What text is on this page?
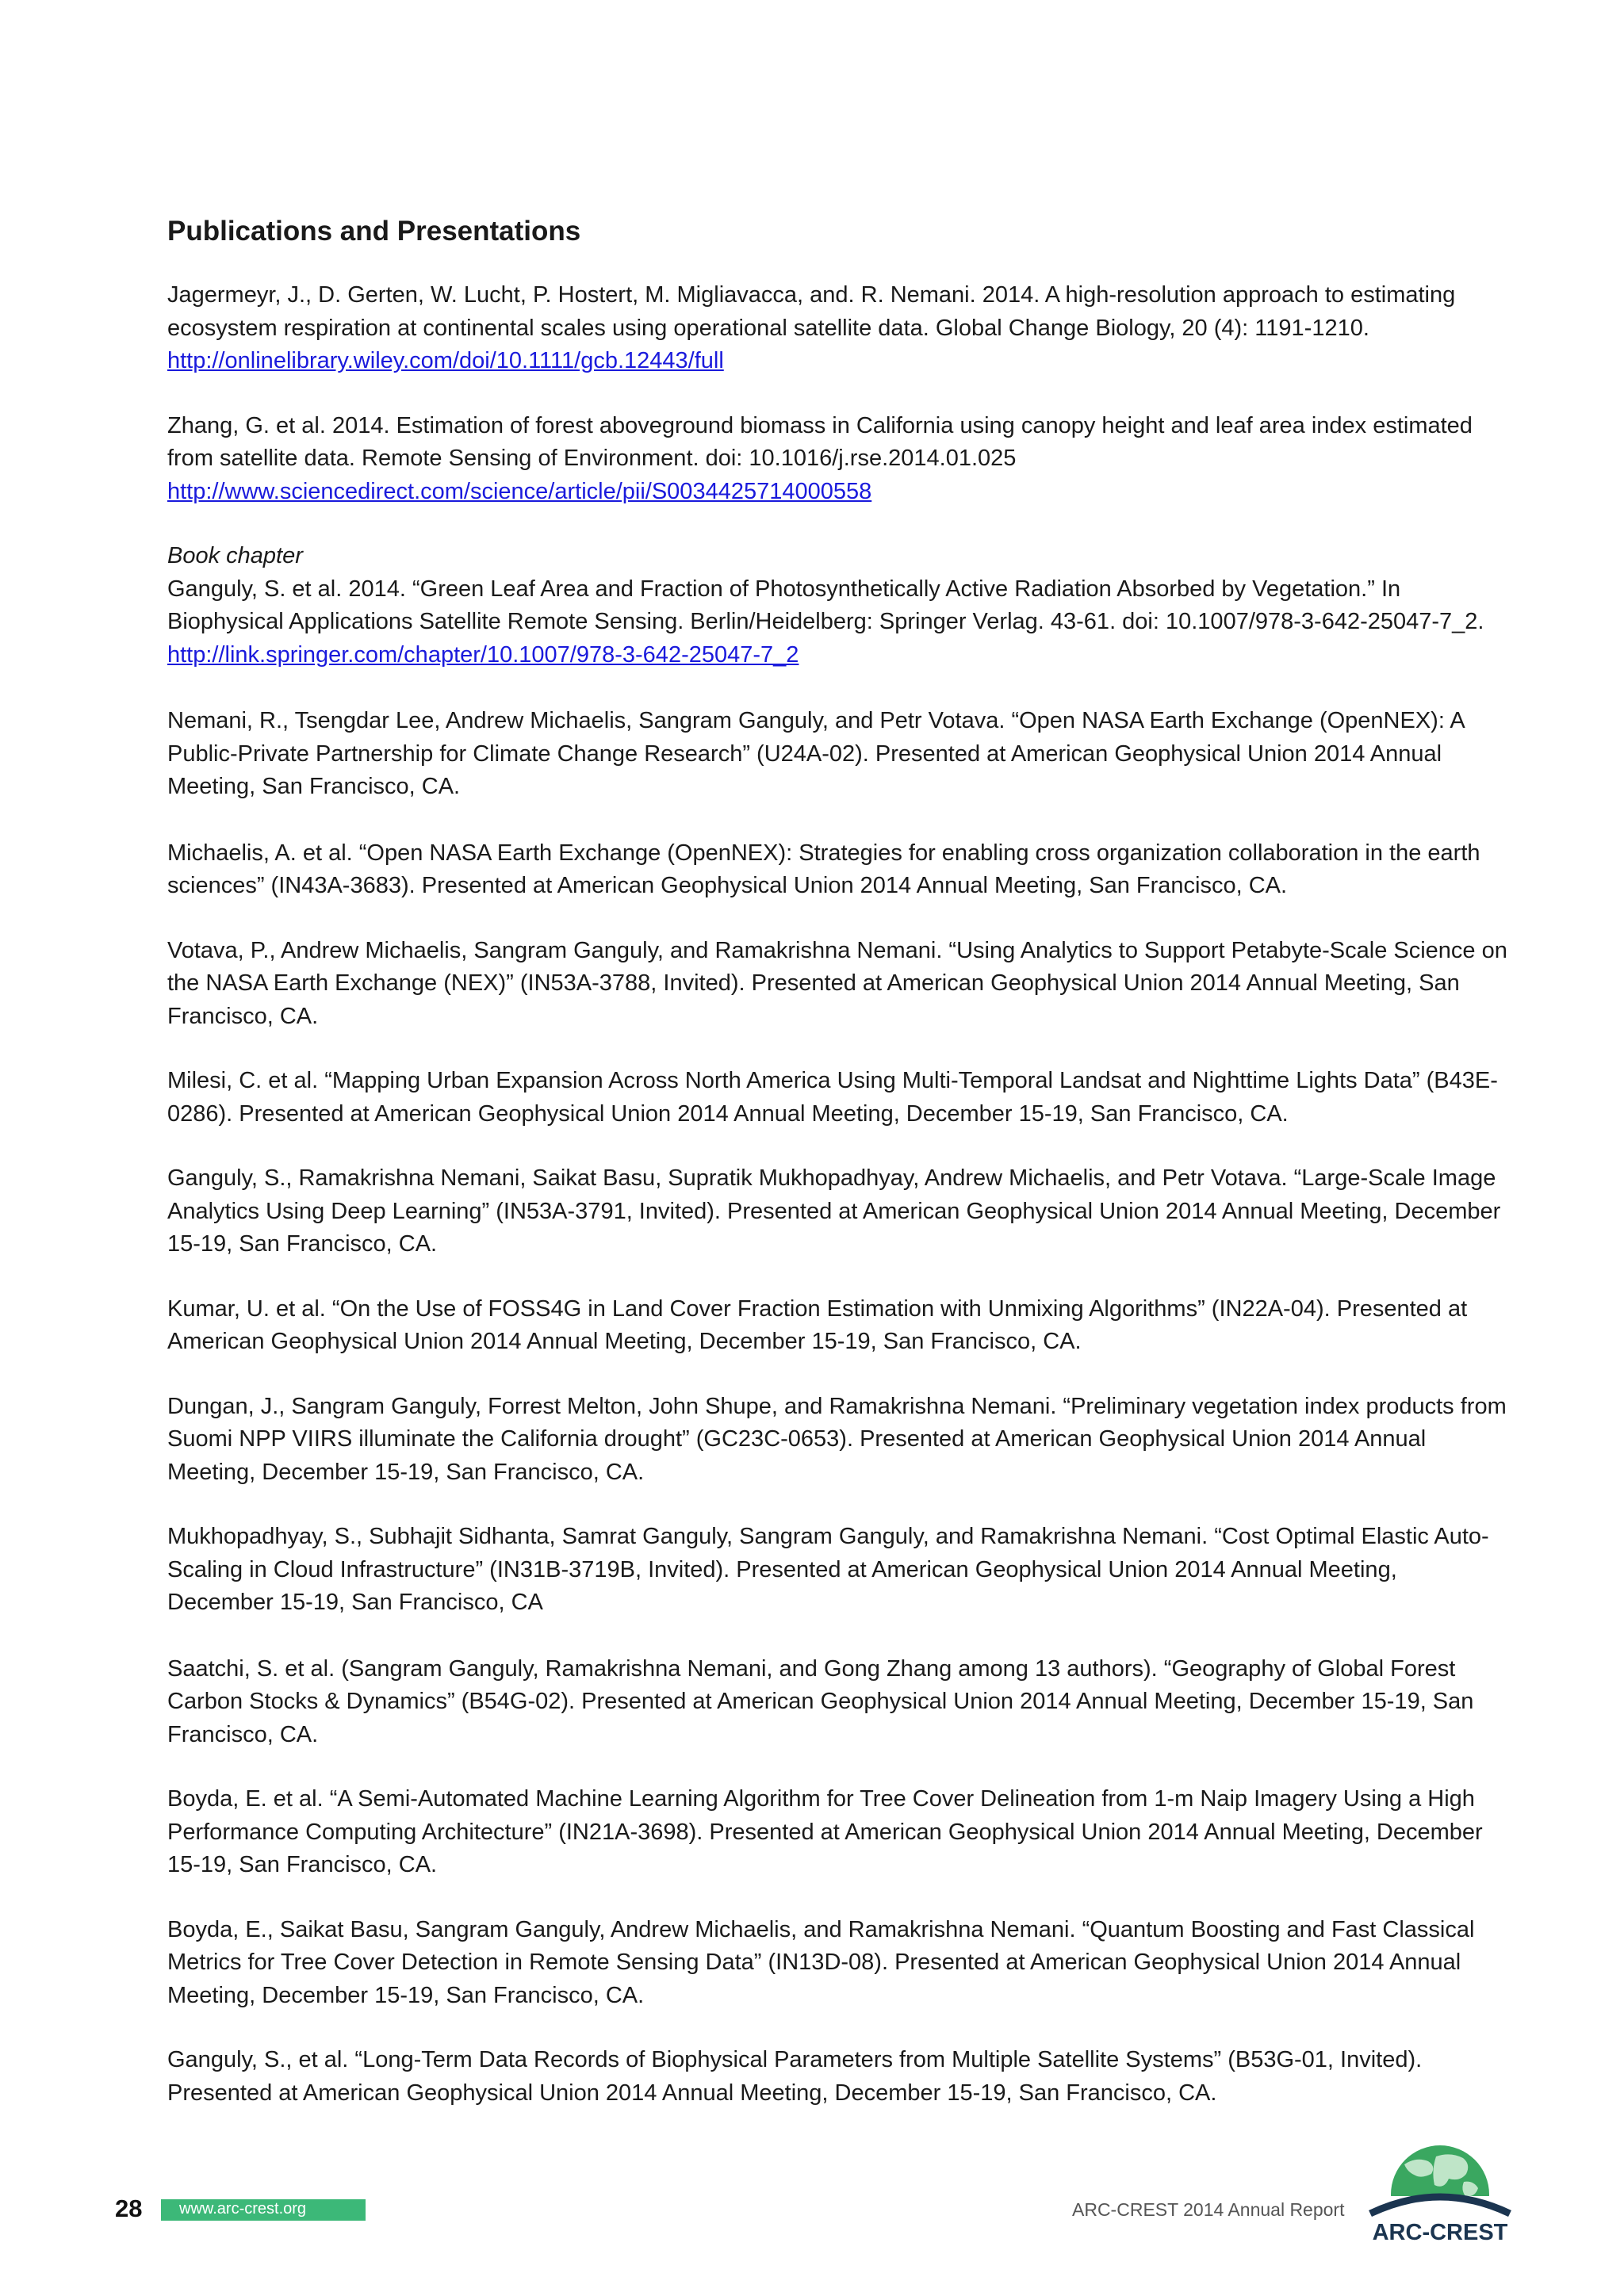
Publications and Presentations

Jagermeyr, J., D. Gerten, W. Lucht, P. Hostert, M. Migliavacca, and. R. Nemani. 2014. A high-resolution approach to estimating ecosystem respiration at continental scales using operational satellite data. Global Change Biology, 20 (4): 1191-1210. http://onlinelibrary.wiley.com/doi/10.1111/gcb.12443/full

Zhang, G. et al. 2014. Estimation of forest aboveground biomass in California using canopy height and leaf area index estimated from satellite data. Remote Sensing of Environment. doi: 10.1016/j.rse.2014.01.025 http://www.sciencedirect.com/science/article/pii/S0034425714000558

Book chapter
Ganguly, S. et al. 2014. “Green Leaf Area and Fraction of Photosynthetically Active Radiation Absorbed by Vegetation.” In Biophysical Applications Satellite Remote Sensing. Berlin/Heidelberg: Springer Verlag. 43-61. doi: 10.1007/978-3-642-25047-7_2. http://link.springer.com/chapter/10.1007/978-3-642-25047-7_2

Nemani, R., Tsengdar Lee, Andrew Michaelis, Sangram Ganguly, and Petr Votava. “Open NASA Earth Exchange (OpenNEX): A Public-Private Partnership for Climate Change Research” (U24A-02). Presented at American Geophysical Union 2014 Annual Meeting, San Francisco, CA.

Michaelis, A. et al. “Open NASA Earth Exchange (OpenNEX): Strategies for enabling cross organization collaboration in the earth sciences” (IN43A-3683). Presented at American Geophysical Union 2014 Annual Meeting, San Francisco, CA.

Votava, P., Andrew Michaelis, Sangram Ganguly, and Ramakrishna Nemani. “Using Analytics to Support Petabyte-Scale Science on the NASA Earth Exchange (NEX)” (IN53A-3788, Invited). Presented at American Geophysical Union 2014 Annual Meeting, San Francisco, CA.

Milesi, C. et al. “Mapping Urban Expansion Across North America Using Multi-Temporal Landsat and Nighttime Lights Data” (B43E-0286). Presented at American Geophysical Union 2014 Annual Meeting, December 15-19, San Francisco, CA.

Ganguly, S., Ramakrishna Nemani, Saikat Basu, Supratik Mukhopadhyay, Andrew Michaelis, and Petr Votava. “Large-Scale Image Analytics Using Deep Learning” (IN53A-3791, Invited). Presented at American Geophysical Union 2014 Annual Meeting, December 15-19, San Francisco, CA.

Kumar, U. et al. “On the Use of FOSS4G in Land Cover Fraction Estimation with Unmixing Algorithms” (IN22A-04). Presented at American Geophysical Union 2014 Annual Meeting, December 15-19, San Francisco, CA.

Dungan, J., Sangram Ganguly, Forrest Melton, John Shupe, and Ramakrishna Nemani. “Preliminary vegetation index products from Suomi NPP VIIRS illuminate the California drought” (GC23C-0653). Presented at American Geophysical Union 2014 Annual Meeting, December 15-19, San Francisco, CA.

Mukhopadhyay, S., Subhajit Sidhanta, Samrat Ganguly, Sangram Ganguly, and Ramakrishna Nemani. “Cost Optimal Elastic Auto-Scaling in Cloud Infrastructure” (IN31B-3719B, Invited). Presented at American Geophysical Union 2014 Annual Meeting, December 15-19, San Francisco, CA

Saatchi, S. et al. (Sangram Ganguly, Ramakrishna Nemani, and Gong Zhang among 13 authors). “Geography of Global Forest Carbon Stocks & Dynamics” (B54G-02). Presented at American Geophysical Union 2014 Annual Meeting, December 15-19, San Francisco, CA.

Boyda, E. et al. “A Semi-Automated Machine Learning Algorithm for Tree Cover Delineation from 1-m Naip Imagery Using a High Performance Computing Architecture” (IN21A-3698). Presented at American Geophysical Union 2014 Annual Meeting, December 15-19, San Francisco, CA.

Boyda, E., Saikat Basu, Sangram Ganguly, Andrew Michaelis, and Ramakrishna Nemani. “Quantum Boosting and Fast Classical Metrics for Tree Cover Detection in Remote Sensing Data” (IN13D-08). Presented at American Geophysical Union 2014 Annual Meeting, December 15-19, San Francisco, CA.

Ganguly, S., et al. “Long-Term Data Records of Biophysical Parameters from Multiple Satellite Systems” (B53G-01, Invited). Presented at American Geophysical Union 2014 Annual Meeting, December 15-19, San Francisco, CA.

28 www.arc-crest.org	ARC-CREST 2014 Annual Report
ARC-CREST
